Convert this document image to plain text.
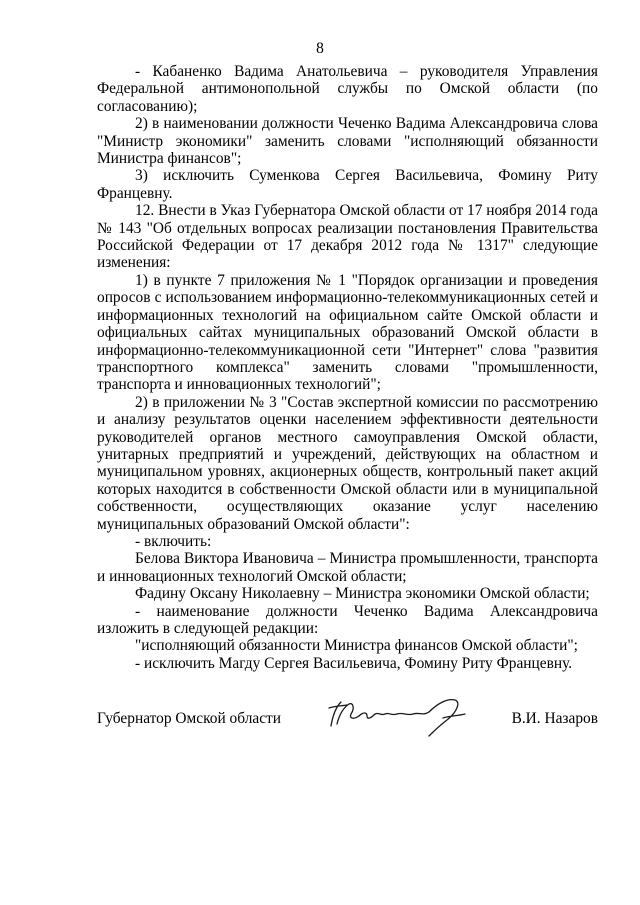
8

- Кабаненко Вадима Анатольевича – руководителя Управления Федеральной антимонопольной службы по Омской области (по согласованию);

2) в наименовании должности Чеченко Вадима Александровича слова "Министр экономики" заменить словами "исполняющий обязанности Министра финансов";

3) исключить Суменкова Сергея Васильевича, Фомину Риту Францевну.

12. Внести в Указ Губернатора Омской области от 17 ноября 2014 года № 143 "Об отдельных вопросах реализации постановления Правительства Российской Федерации от 17 декабря 2012 года № 1317" следующие изменения:

1) в пункте 7 приложения № 1 "Порядок организации и проведения опросов с использованием информационно-телекоммуникационных сетей и информационных технологий на официальном сайте Омской области и официальных сайтах муниципальных образований Омской области в информационно-телекоммуникационной сети "Интернет" слова "развития транспортного комплекса" заменить словами "промышленности, транспорта и инновационных технологий";

2) в приложении № 3 "Состав экспертной комиссии по рассмотрению и анализу результатов оценки населением эффективности деятельности руководителей органов местного самоуправления Омской области, унитарных предприятий и учреждений, действующих на областном и муниципальном уровнях, акционерных обществ, контрольный пакет акций которых находится в собственности Омской области или в муниципальной собственности, осуществляющих оказание услуг населению муниципальных образований Омской области":

- включить:

Белова Виктора Ивановича – Министра промышленности, транспорта и инновационных технологий Омской области;

Фадину Оксану Николаевну – Министра экономики Омской области;

- наименование должности Чеченко Вадима Александровича изложить в следующей редакции:

"исполняющий обязанности Министра финансов Омской области";

- исключить Магду Сергея Васильевича, Фомину Риту Францевну.

Губернатор Омской области	В.И. Назаров
